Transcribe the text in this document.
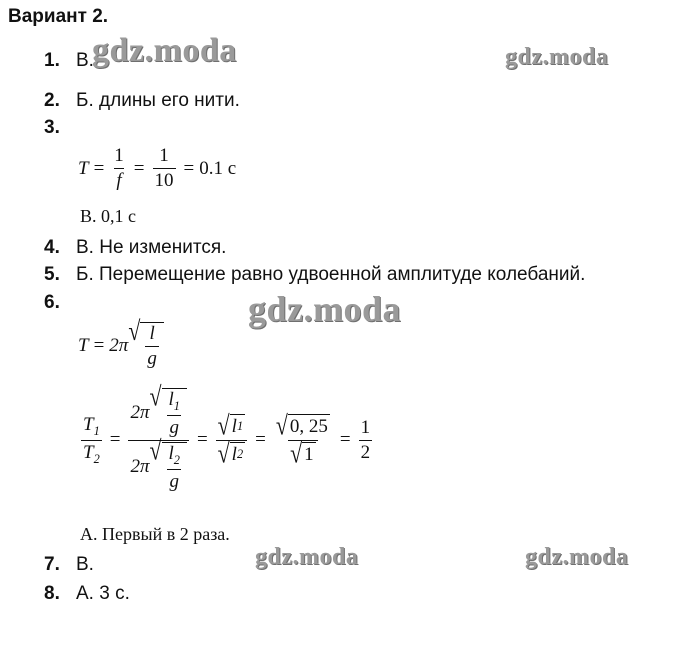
Вариант 2.
1. В.
2. Б. длины его нити.
3.
$T = \frac{1}{f} = \frac{1}{10} = 0.1$ с
В. 0,1 с
4. В. Не изменится.
5. Б. Перемещение равно удвоенной амплитуде колебаний.
6.
T = 2π √ $\frac{l}{g}$
$\frac{T_1}{T_2} = 2\pi$
√ $\frac{l_1}{g}$
2π
√ $\frac{l_2}{g} = \frac{√ l 1}{√ l 2} = \frac{√ 0, 25}{√ 1} = \frac{1}{2}$
А. Первый в 2 раза.
7. В.
8. А. 3 с.
gdz.moda	gdz.moda
gdz.moda
gdz.moda	gdz.moda
